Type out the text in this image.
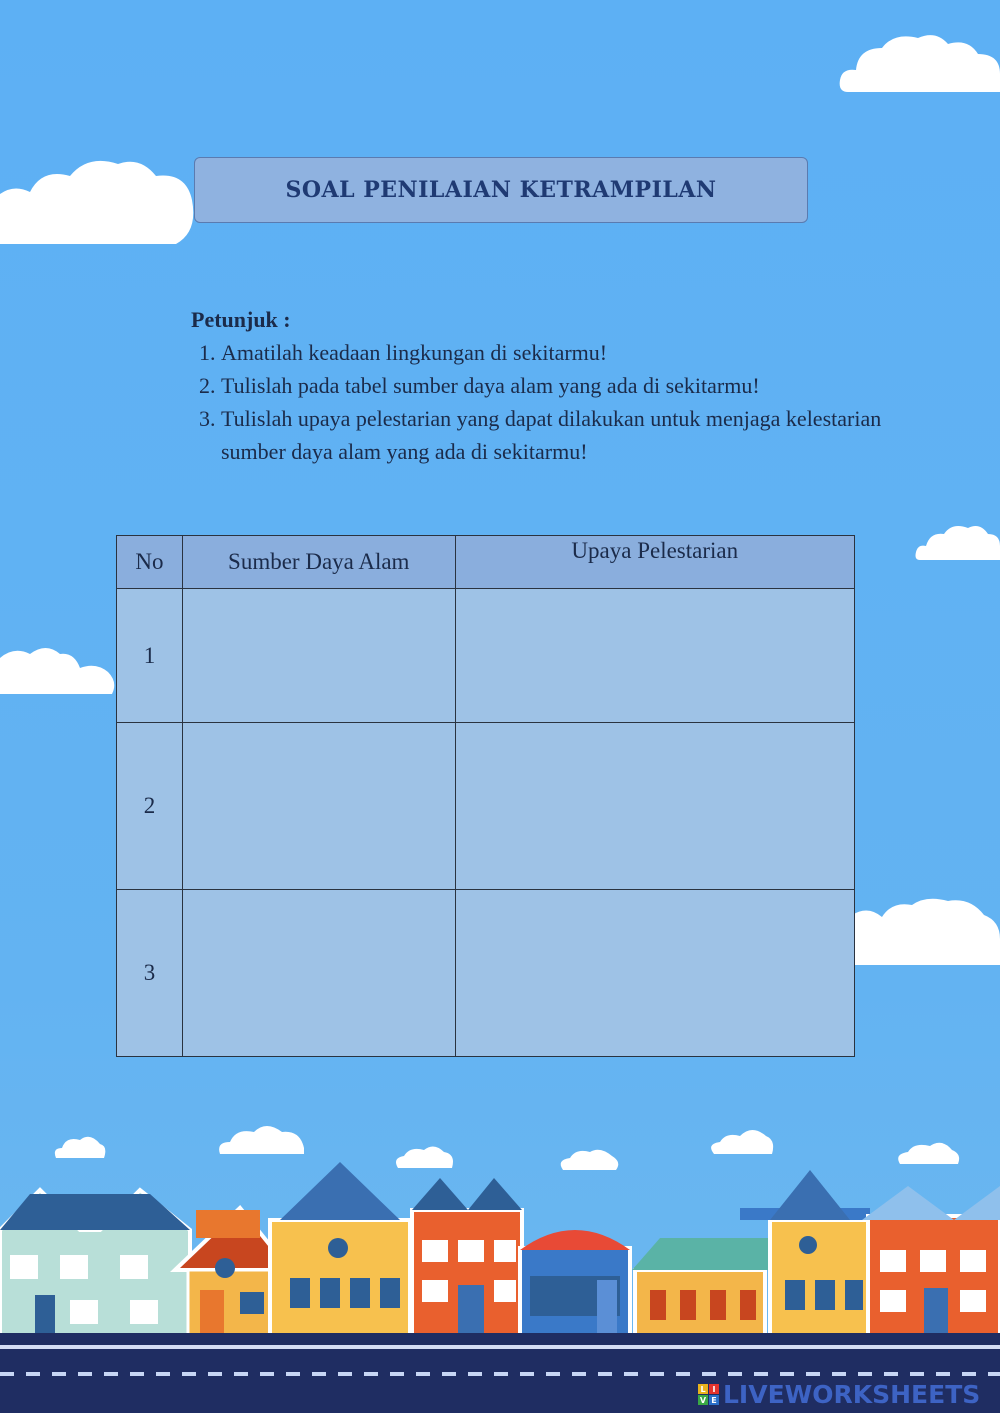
SOAL PENILAIAN KETRAMPILAN
Petunjuk :
1. Amatilah keadaan lingkungan di sekitarmu!
2. Tulislah pada tabel sumber daya alam yang ada di sekitarmu!
3. Tulislah upaya pelestarian yang dapat dilakukan untuk menjaga kelestarian sumber daya alam yang ada di sekitarmu!
No	Sumber Daya Alam	Upaya Pelestarian
1		
2		
3		
L I
V E LIVEWORKSHEETS
